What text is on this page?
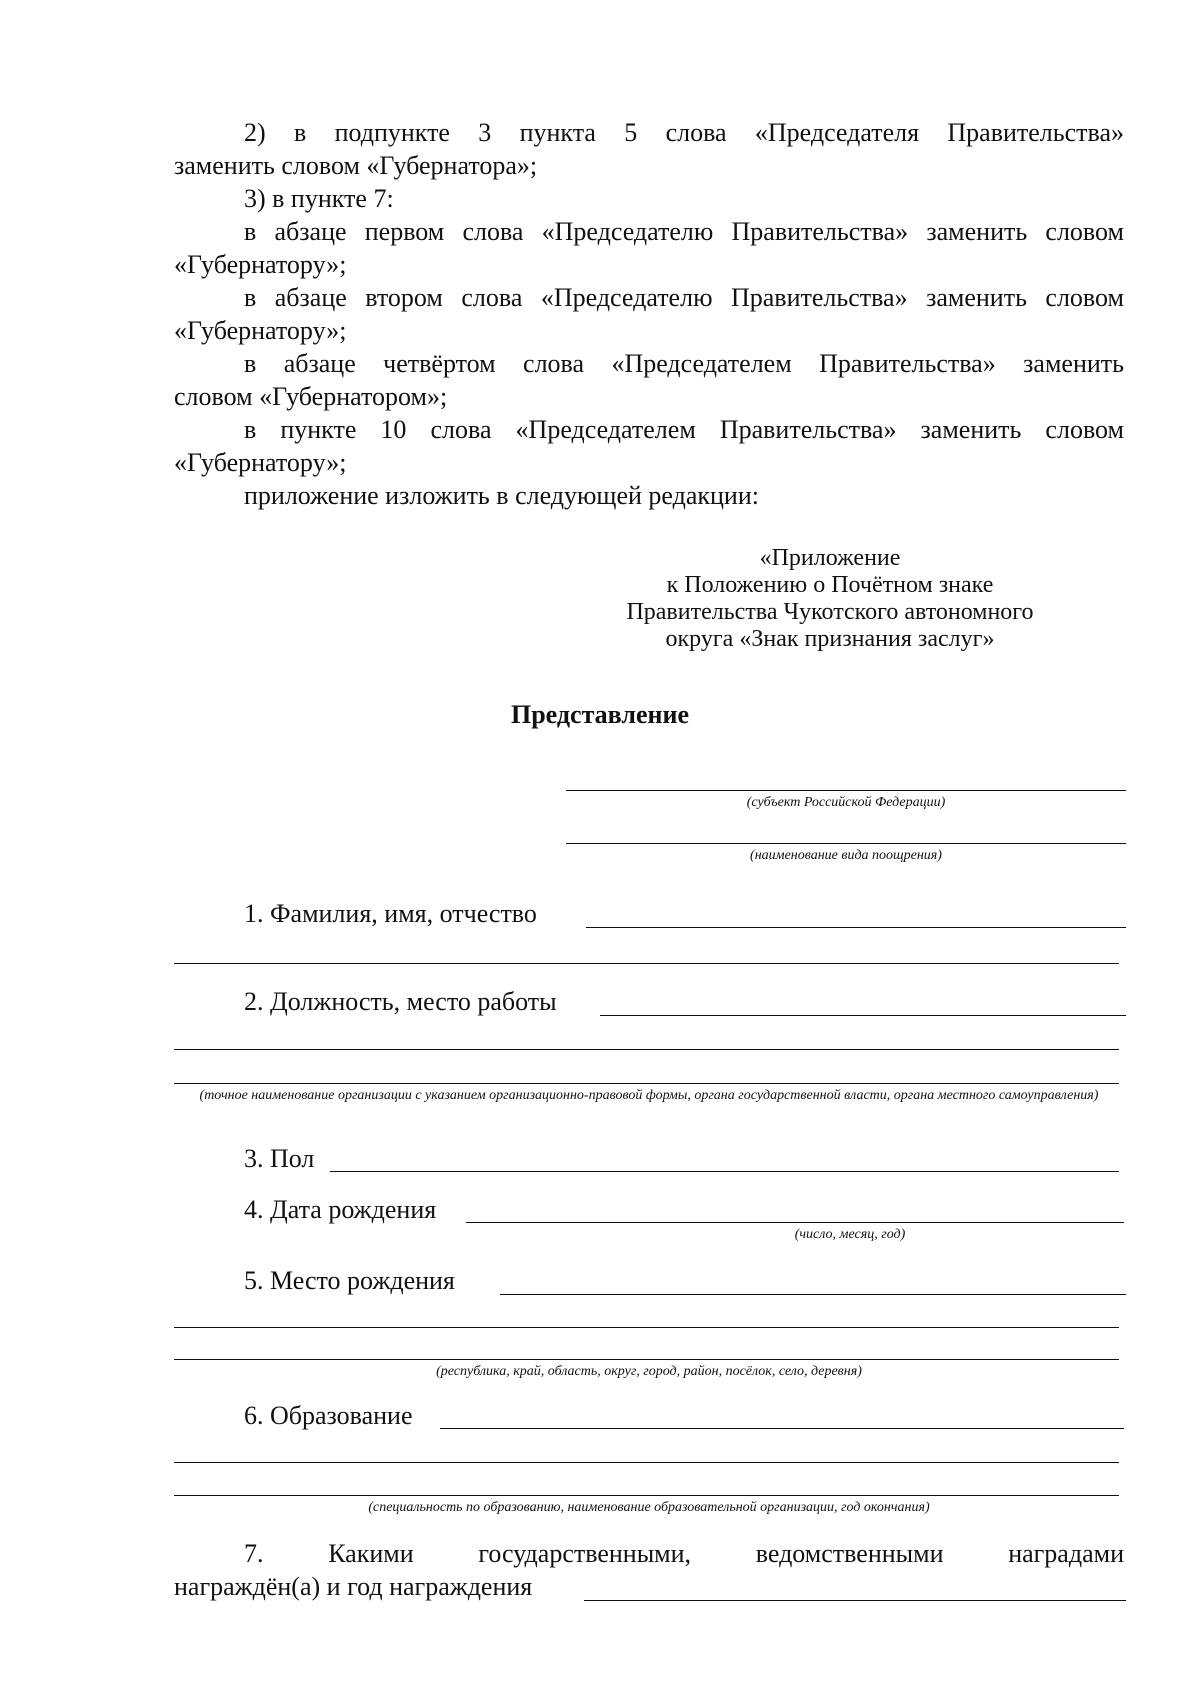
2) в подпункте 3 пункта 5 слова «Председателя Правительства»
заменить словом «Губернатора»;
3) в пункте 7:
в абзаце первом слова «Председателю Правительства» заменить словом
«Губернатору»;
в абзаце втором слова «Председателю Правительства» заменить словом
«Губернатору»;
в абзаце четвёртом слова «Председателем Правительства» заменить
словом «Губернатором»;
в пункте 10 слова «Председателем Правительства» заменить словом
«Губернатору»;
приложение изложить в следующей редакции:
«Приложение
к Положению о Почётном знаке
Правительства Чукотского автономного
округа «Знак признания заслуг»
Представление
(субъект Российской Федерации)
(наименование вида поощрения)
1. Фамилия, имя, отчество
2. Должность, место работы
(точное наименование организации с указанием организационно-правовой формы, органа государственной власти, органа местного самоуправления)
3. Пол
4. Дата рождения
(число, месяц, год)
5. Место рождения
(республика, край, область, округ, город, район, посёлок, село, деревня)
6. Образование
(специальность по образованию, наименование образовательной организации, год окончания)
7. Какими государственными, ведомственными наградами
награждён(а) и год награждения
